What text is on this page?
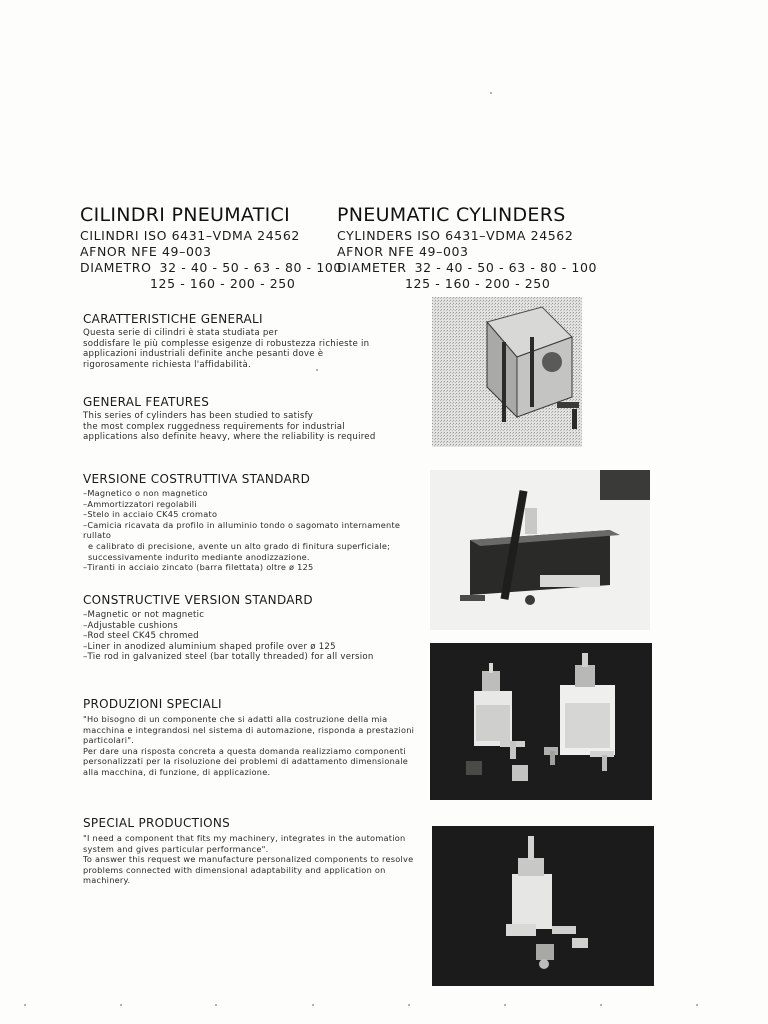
CILINDRI PNEUMATICI
CILINDRI ISO 6431–VDMA 24562
AFNOR NFE 49–003
DIAMETRO 32 - 40 - 50 - 63 - 80 - 100
125 - 160 - 200 - 250
PNEUMATIC CYLINDERS
CYLINDERS ISO 6431–VDMA 24562
AFNOR NFE 49–003
DIAMETER 32 - 40 - 50 - 63 - 80 - 100
125 - 160 - 200 - 250
CARATTERISTICHE GENERALI
Questa serie di cilindri è stata studiata per
soddisfare le più complesse esigenze di robustezza richieste in
applicazioni industriali definite anche pesanti dove è
rigorosamente richiesta l'affidabilità.
GENERAL FEATURES
This series of cylinders has been studied to satisfy
the most complex ruggedness requirements for industrial
applications also definite heavy, where the reliability is required
VERSIONE COSTRUTTIVA STANDARD
–Magnetico o non magnetico
–Ammortizzatori regolabili
–Stelo in acciaio CK45 cromato
–Camicia ricavata da profilo in alluminio tondo o sagomato internamente rullato
e calibrato di precisione, avente un alto grado di finitura superficiale;
successivamente indurito mediante anodizzazione.
–Tiranti in acciaio zincato (barra filettata) oltre ø 125
CONSTRUCTIVE VERSION STANDARD
–Magnetic or not magnetic
–Adjustable cushions
–Rod steel CK45 chromed
–Liner in anodized aluminium shaped profile over ø 125
–Tie rod in galvanized steel (bar totally threaded) for all version
PRODUZIONI SPECIALI
"Ho bisogno di un componente che si adatti alla costruzione della mia
macchina e integrandosi nel sistema di automazione, risponda a prestazioni
particolari".
Per dare una risposta concreta a questa domanda realizziamo componenti
personalizzati per la risoluzione dei problemi di adattamento dimensionale
alla macchina, di funzione, di applicazione.
SPECIAL PRODUCTIONS
"I need a component that fits my machinery, integrates in the automation
system and gives particular performance".
To answer this request we manufacture personalized components to resolve
problems connected with dimensional adaptability and application on
machinery.
